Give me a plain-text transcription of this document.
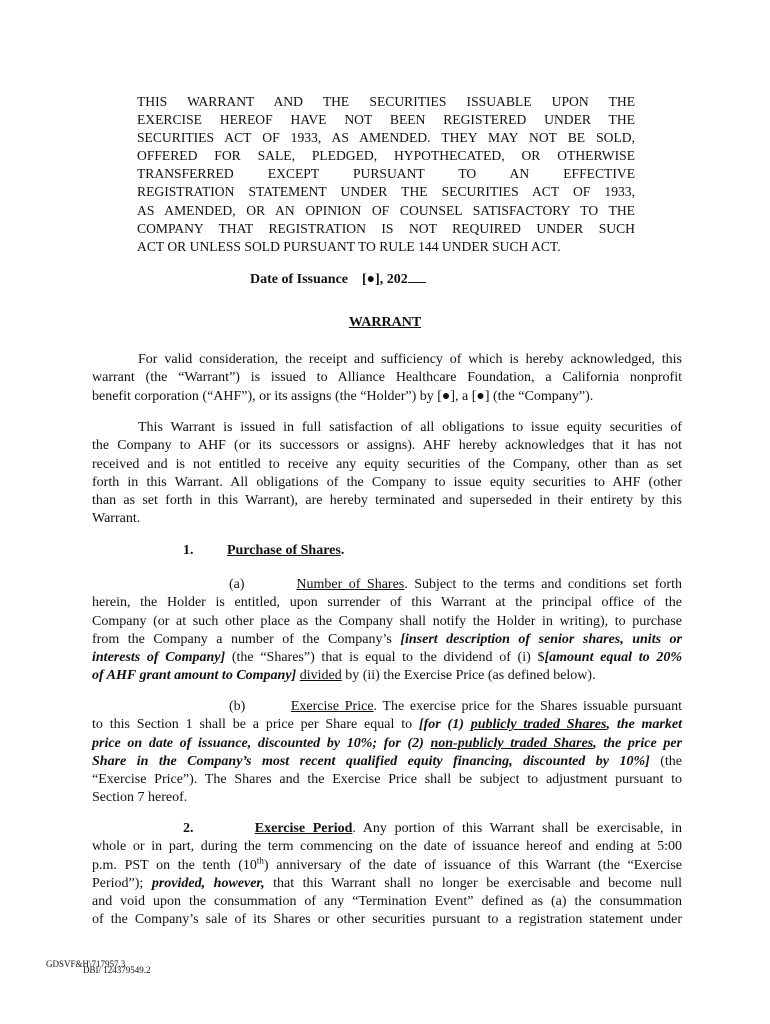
THIS WARRANT AND THE SECURITIES ISSUABLE UPON THE
EXERCISE HEREOF HAVE NOT BEEN REGISTERED UNDER THE
SECURITIES ACT OF 1933, AS AMENDED. THEY MAY NOT BE SOLD,
OFFERED FOR SALE, PLEDGED, HYPOTHECATED, OR OTHERWISE
TRANSFERRED EXCEPT PURSUANT TO AN EFFECTIVE
REGISTRATION STATEMENT UNDER THE SECURITIES ACT OF 1933,
AS AMENDED, OR AN OPINION OF COUNSEL SATISFACTORY TO THE
COMPANY THAT REGISTRATION IS NOT REQUIRED UNDER SUCH
ACT OR UNLESS SOLD PURSUANT TO RULE 144 UNDER SUCH ACT.
Date of Issuance [●], 202
WARRANT
For valid consideration, the receipt and sufficiency of which is hereby acknowledged, this
warrant (the “Warrant”) is issued to Alliance Healthcare Foundation, a California nonprofit
benefit corporation (“AHF”), or its assigns (the “Holder”) by [●], a [●] (the “Company”).
This Warrant is issued in full satisfaction of all obligations to issue equity securities of
the Company to AHF (or its successors or assigns). AHF hereby acknowledges that it has not
received and is not entitled to receive any equity securities of the Company, other than as set
forth in this Warrant. All obligations of the Company to issue equity securities to AHF (other
than as set forth in this Warrant), are hereby terminated and superseded in their entirety by this
Warrant.
1. Purchase of Shares.
(a)	Number of Shares. Subject to the terms and conditions set forth
herein, the Holder is entitled, upon surrender of this Warrant at the principal office of the
Company (or at such other place as the Company shall notify the Holder in writing), to purchase
from the Company a number of the Company’s [insert description of senior shares, units or
interests of Company] (the “Shares”) that is equal to the dividend of (i) $[amount equal to 20%
of AHF grant amount to Company] divided by (ii) the Exercise Price (as defined below).
(b)	Exercise Price. The exercise price for the Shares issuable pursuant
to this Section 1 shall be a price per Share equal to [for (1) publicly traded Shares, the market
price on date of issuance, discounted by 10%; for (2) non-publicly traded Shares, the price per
Share in the Company’s most recent qualified equity financing, discounted by 10%] (the
“Exercise Price”). The Shares and the Exercise Price shall be subject to adjustment pursuant to
Section 7 hereof.
2.	Exercise Period. Any portion of this Warrant shall be exercisable, in
whole or in part, during the term commencing on the date of issuance hereof and ending at 5:00
p.m. PST on the tenth (10th) anniversary of the date of issuance of this Warrant (the “Exercise
Period”); provided, however, that this Warrant shall no longer be exercisable and become null
and void upon the consummation of any “Termination Event” defined as (a) the consummation
of the Company’s sale of its Shares or other securities pursuant to a registration statement under
GDSVF&H\717957.3
DBI/ 124379549.2
